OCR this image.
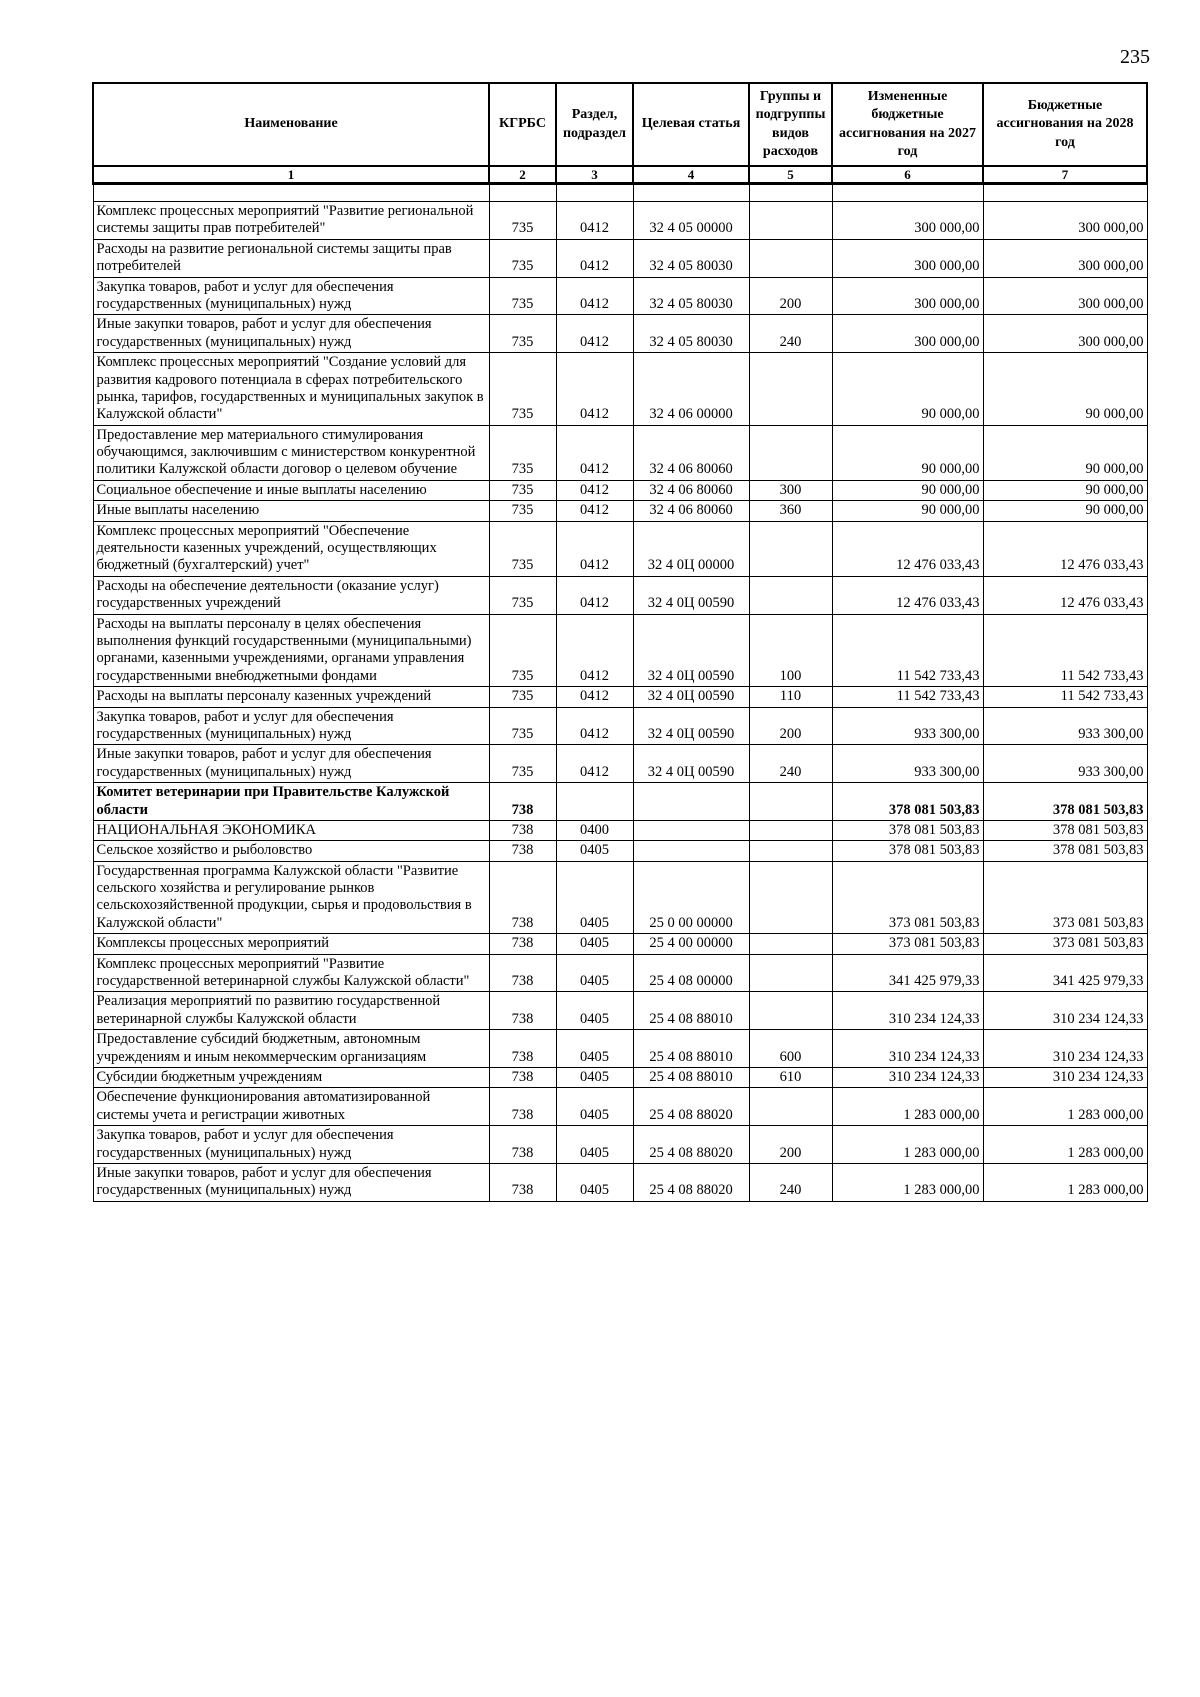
235
Наименование	КГРБС	Раздел, подраздел	Целевая статья	Группы и подгруппы видов расходов	Измененные бюджетные ассигнования на 2027 год	Бюджетные ассигнования на 2028 год
1	2	3	4	5	6	7

Комплекс процессных мероприятий "Развитие региональной системы защиты прав потребителей"	735	0412	32 4 05 00000		300 000,00	300 000,00
Расходы на развитие региональной системы защиты прав потребителей	735	0412	32 4 05 80030		300 000,00	300 000,00
Закупка товаров, работ и услуг для обеспечения государственных (муниципальных) нужд	735	0412	32 4 05 80030	200	300 000,00	300 000,00
Иные закупки товаров, работ и услуг для обеспечения государственных (муниципальных) нужд	735	0412	32 4 05 80030	240	300 000,00	300 000,00
Комплекс процессных мероприятий "Создание условий для развития кадрового потенциала в сферах потребительского рынка, тарифов, государственных и муниципальных закупок в Калужской области"	735	0412	32 4 06 00000		90 000,00	90 000,00
Предоставление мер материального стимулирования обучающимся, заключившим с министерством конкурентной политики Калужской области договор о целевом обучение	735	0412	32 4 06 80060		90 000,00	90 000,00
Социальное обеспечение и иные выплаты населению	735	0412	32 4 06 80060	300	90 000,00	90 000,00
Иные выплаты населению	735	0412	32 4 06 80060	360	90 000,00	90 000,00
Комплекс процессных мероприятий "Обеспечение деятельности казенных учреждений, осуществляющих бюджетный (бухгалтерский) учет"	735	0412	32 4 0Ц 00000		12 476 033,43	12 476 033,43
Расходы на обеспечение деятельности (оказание услуг) государственных учреждений	735	0412	32 4 0Ц 00590		12 476 033,43	12 476 033,43
Расходы на выплаты персоналу в целях обеспечения выполнения функций государственными (муниципальными) органами, казенными учреждениями, органами управления государственными внебюджетными фондами	735	0412	32 4 0Ц 00590	100	11 542 733,43	11 542 733,43
Расходы на выплаты персоналу казенных учреждений	735	0412	32 4 0Ц 00590	110	11 542 733,43	11 542 733,43
Закупка товаров, работ и услуг для обеспечения государственных (муниципальных) нужд	735	0412	32 4 0Ц 00590	200	933 300,00	933 300,00
Иные закупки товаров, работ и услуг для обеспечения государственных (муниципальных) нужд	735	0412	32 4 0Ц 00590	240	933 300,00	933 300,00
Комитет ветеринарии при Правительстве Калужской области	738				378 081 503,83	378 081 503,83
НАЦИОНАЛЬНАЯ ЭКОНОМИКА	738	0400			378 081 503,83	378 081 503,83
Сельское хозяйство и рыболовство	738	0405			378 081 503,83	378 081 503,83
Государственная программа Калужской области "Развитие сельского хозяйства и регулирование рынков сельскохозяйственной продукции, сырья и продовольствия в Калужской области"	738	0405	25 0 00 00000		373 081 503,83	373 081 503,83
Комплексы процессных мероприятий	738	0405	25 4 00 00000		373 081 503,83	373 081 503,83
Комплекс процессных мероприятий "Развитие государственной ветеринарной службы Калужской области"	738	0405	25 4 08 00000		341 425 979,33	341 425 979,33
Реализация мероприятий по развитию государственной ветеринарной службы Калужской области	738	0405	25 4 08 88010		310 234 124,33	310 234 124,33
Предоставление субсидий бюджетным, автономным учреждениям и иным некоммерческим организациям	738	0405	25 4 08 88010	600	310 234 124,33	310 234 124,33
Субсидии бюджетным учреждениям	738	0405	25 4 08 88010	610	310 234 124,33	310 234 124,33
Обеспечение функционирования автоматизированной системы учета и регистрации животных	738	0405	25 4 08 88020		1 283 000,00	1 283 000,00
Закупка товаров, работ и услуг для обеспечения государственных (муниципальных) нужд	738	0405	25 4 08 88020	200	1 283 000,00	1 283 000,00
Иные закупки товаров, работ и услуг для обеспечения государственных (муниципальных) нужд	738	0405	25 4 08 88020	240	1 283 000,00	1 283 000,00
